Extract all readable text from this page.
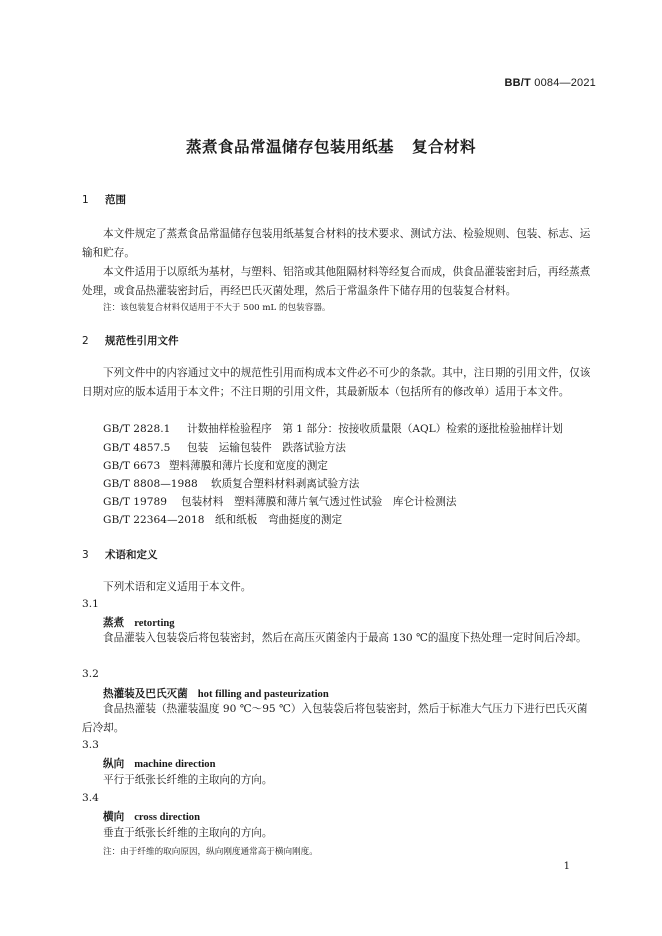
BB/T 0084—2021
蒸煮食品常温储存包装用纸基 复合材料
1 范围
本文件规定了蒸煮食品常温储存包装用纸基复合材料的技术要求、测试方法、检验规则、包装、标志、运输和贮存。
本文件适用于以原纸为基材，与塑料、铝箔或其他阻隔材料等经复合而成，供食品灌装密封后，再经蒸煮处理，或食品热灌装密封后，再经巴氏灭菌处理，然后于常温条件下储存用的包装复合材料。
注：该包装复合材料仅适用于不大于 500 mL 的包装容器。
2 规范性引用文件
下列文件中的内容通过文中的规范性引用而构成本文件必不可少的条款。其中，注日期的引用文件，仅该日期对应的版本适用于本文件；不注日期的引用文件，其最新版本（包括所有的修改单）适用于本文件。
GB/T 2828.1 计数抽样检验程序　第 1 部分：按接收质量限（AQL）检索的逐批检验抽样计划
GB/T 4857.5 包装　运输包装件　跌落试验方法
GB/T 6673 塑料薄膜和薄片长度和宽度的测定
GB/T 8808—1988 软质复合塑料材料剥离试验方法
GB/T 19789 包装材料　塑料薄膜和薄片氧气透过性试验　库仑计检测法
GB/T 22364—2018 纸和纸板　弯曲挺度的测定
3 术语和定义
下列术语和定义适用于本文件。
3.1
蒸煮 retorting
食品灌装入包装袋后将包装密封，然后在高压灭菌釜内于最高 130 ℃的温度下热处理一定时间后冷却。
3.2
热灌装及巴氏灭菌 hot filling and pasteurization
食品热灌装（热灌装温度 90 ℃～95 ℃）入包装袋后将包装密封，然后于标准大气压力下进行巴氏灭菌后冷却。
3.3
纵向 machine direction
平行于纸张长纤维的主取向的方向。
3.4
横向 cross direction
垂直于纸张长纤维的主取向的方向。
注：由于纤维的取向原因，纵向刚度通常高于横向刚度。
1
